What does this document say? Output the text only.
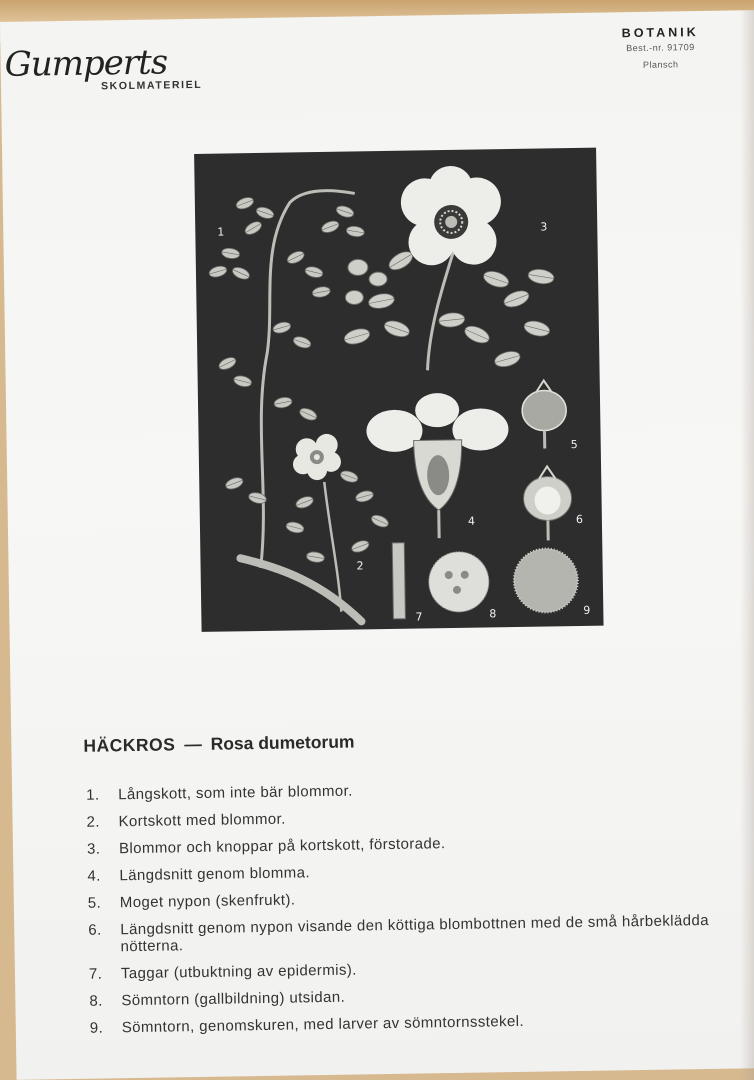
Gumperts
SKOLMATERIEL
BOTANIK
Best.-nr. 91709
Plansch
1
2
3
4
5
6
7	8	9
HÄCKROS — Rosa dumetorum
1.	Långskott, som inte bär blommor.
2.	Kortskott med blommor.
3.	Blommor och knoppar på kortskott, förstorade.
4.	Längdsnitt genom blomma.
5.	Moget nypon (skenfrukt).
6.	Längdsnitt genom nypon visande den köttiga blombottnen med de små hårbeklädda nötterna.
7.	Taggar (utbuktning av epidermis).
8.	Sömntorn (gallbildning) utsidan.
9.	Sömntorn, genomskuren, med larver av sömntornsstekel.
